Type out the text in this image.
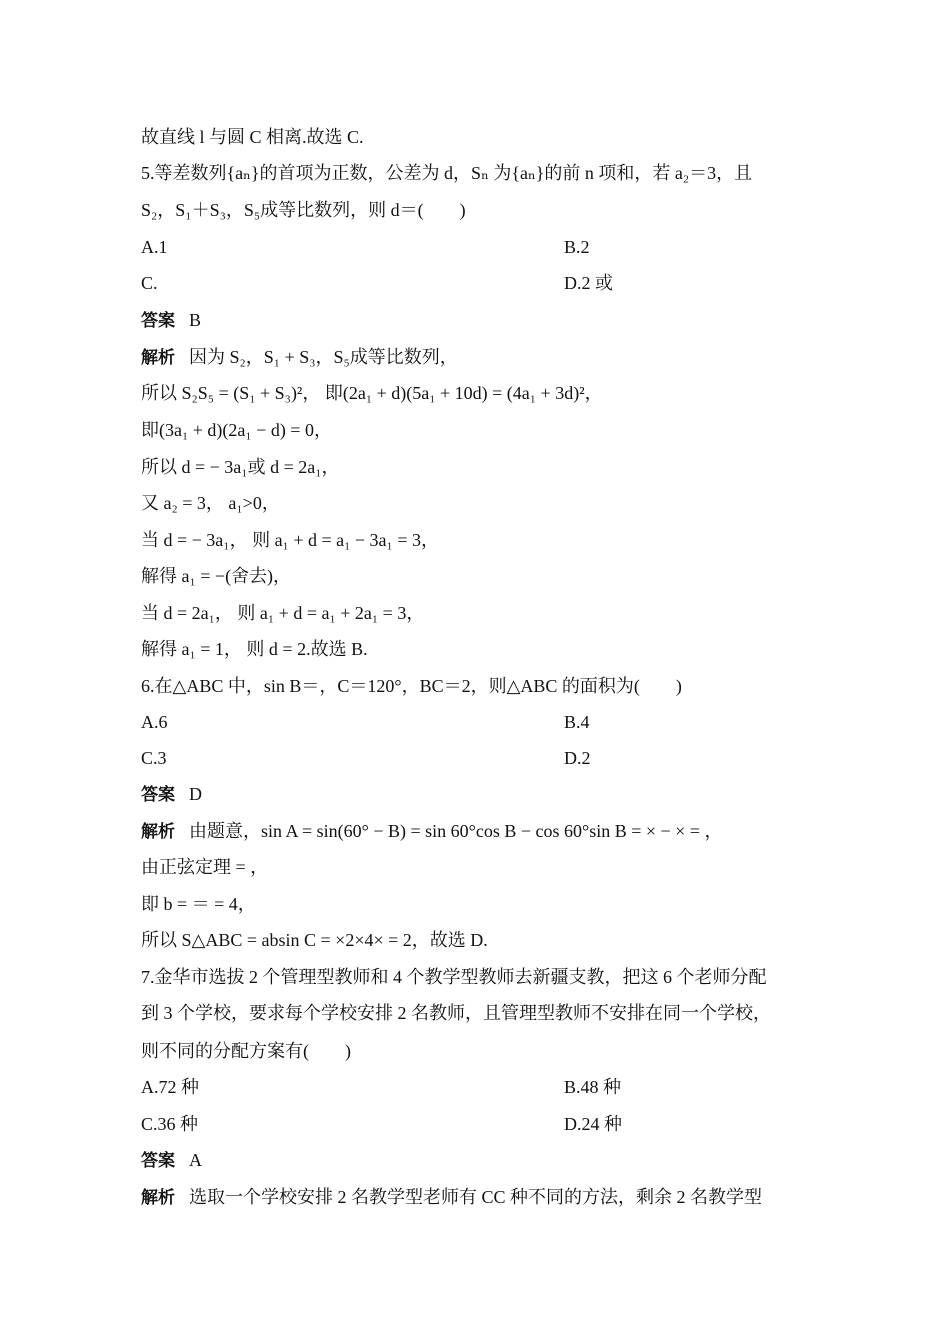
故直线 l 与圆 C 相离.故选 C.
5.等差数列{aₙ}的首项为正数，公差为 d，Sₙ 为{aₙ}的前 n 项和，若 a₂＝3，且
S₂，S₁＋S₃，S₅成等比数列，则 d＝(　　)
A.1	B.2
C.	D.2 或
答案 B
解析 因为 S₂，S₁ + S₃，S₅成等比数列，
所以 S₂S₅ = (S₁ + S₃)²， 即(2a₁ + d)(5a₁ + 10d) = (4a₁ + 3d)²，
即(3a₁ + d)(2a₁ − d) = 0，
所以 d = − 3a₁或 d = 2a₁，
又 a₂ = 3， a₁>0，
当 d = − 3a₁， 则 a₁ + d = a₁ − 3a₁ = 3，
解得 a₁ = −(舍去)，
当 d = 2a₁， 则 a₁ + d = a₁ + 2a₁ = 3，
解得 a₁ = 1， 则 d = 2.故选 B.
6.在△ABC 中，sin B＝，C＝120°，BC＝2，则△ABC 的面积为(　　)
A.6	B.4
C.3	D.2
答案 D
解析 由题意，sin A = sin(60° − B) = sin 60°cos B − cos 60°sin B = × − × = ，
由正弦定理 = ，
即 b = ＝ = 4，
所以 S△ABC = absin C = ×2×4× = 2，故选 D.
7.金华市选拔 2 个管理型教师和 4 个教学型教师去新疆支教，把这 6 个老师分配
到 3 个学校，要求每个学校安排 2 名教师，且管理型教师不安排在同一个学校，
则不同的分配方案有(　　)
A.72 种	B.48 种
C.36 种	D.24 种
答案 A
解析 选取一个学校安排 2 名教学型老师有 CC 种不同的方法，剩余 2 名教学型
